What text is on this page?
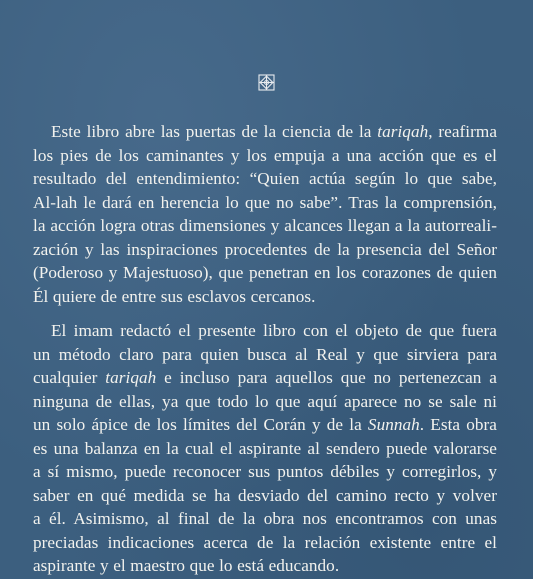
Este libro abre las puertas de la ciencia de la tariqah, reafirma
los pies de los caminantes y los empuja a una acción que es el
resultado del entendimiento: “Quien actúa según lo que sabe,
Al-lah le dará en herencia lo que no sabe”. Tras la comprensión,
la acción logra otras dimensiones y alcances llegan a la autorreali-
zación y las inspiraciones procedentes de la presencia del Señor
(Poderoso y Majestuoso), que penetran en los corazones de quien
Él quiere de entre sus esclavos cercanos.

El imam redactó el presente libro con el objeto de que fuera
un método claro para quien busca al Real y que sirviera para
cualquier tariqah e incluso para aquellos que no pertenezcan a
ninguna de ellas, ya que todo lo que aquí aparece no se sale ni
un solo ápice de los límites del Corán y de la Sunnah. Esta obra
es una balanza en la cual el aspirante al sendero puede valorarse
a sí mismo, puede reconocer sus puntos débiles y corregirlos, y
saber en qué medida se ha desviado del camino recto y volver
a él. Asimismo, al final de la obra nos encontramos con unas
preciadas indicaciones acerca de la relación existente entre el
aspirante y el maestro que lo está educando.
